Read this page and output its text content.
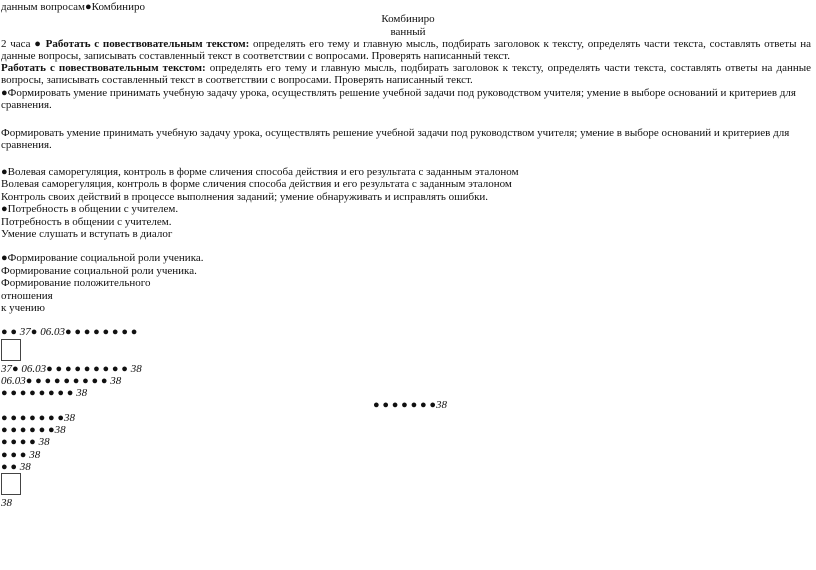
данным вопросам●Комбиниро
Комбиниро
ванный
2 часа ● Работать с повествовательным текстом: определять его тему и главную мысль, подбирать заголовок к тексту, определять части текста, составлять ответы на данные вопросы, записывать составленный текст в соответствии с вопросами. Проверять написанный текст.
Работать с повествовательным текстом: определять его тему и главную мысль, подбирать заголовок к тексту, определять части текста, составлять ответы на данные вопросы, записывать составленный текст в соответствии с вопросами. Проверять написанный текст.
●Формировать умение принимать учебную задачу урока, осуществлять решение учебной задачи под руководством учителя; умение в выборе оснований и критериев для сравнения.
Формировать умение принимать учебную задачу урока, осуществлять решение учебной задачи под руководством учителя; умение в выборе оснований и критериев для сравнения.
●Волевая саморегуляция, контроль в форме сличения способа действия и его результата с заданным эталоном
Волевая саморегуляция, контроль в форме сличения способа действия и его результата с заданным эталоном
Контроль своих действий в процессе выполнения заданий; умение обнаруживать и исправлять ошибки.
●Потребность в общении с учителем.
Потребность в общении с учителем.
Умение слушать и вступать в диалог
●Формирование социальной роли ученика.
Формирование социальной роли ученика.
Формирование положительного
отношения
к учению
● ● 37● 06.03● ● ● ● ● ● ● ●
37● 06.03● ● ● ● ● ● ● ● ● 38
06.03● ● ● ● ● ● ● ● ● 38
● ● ● ● ● ● ● ● 38
● ● ● ● ● ● ●38
● ● ● ● ● ● ●38
● ● ● ● ● ●38
● ● ● ● 38
● ● ● 38
● ● 38
38
